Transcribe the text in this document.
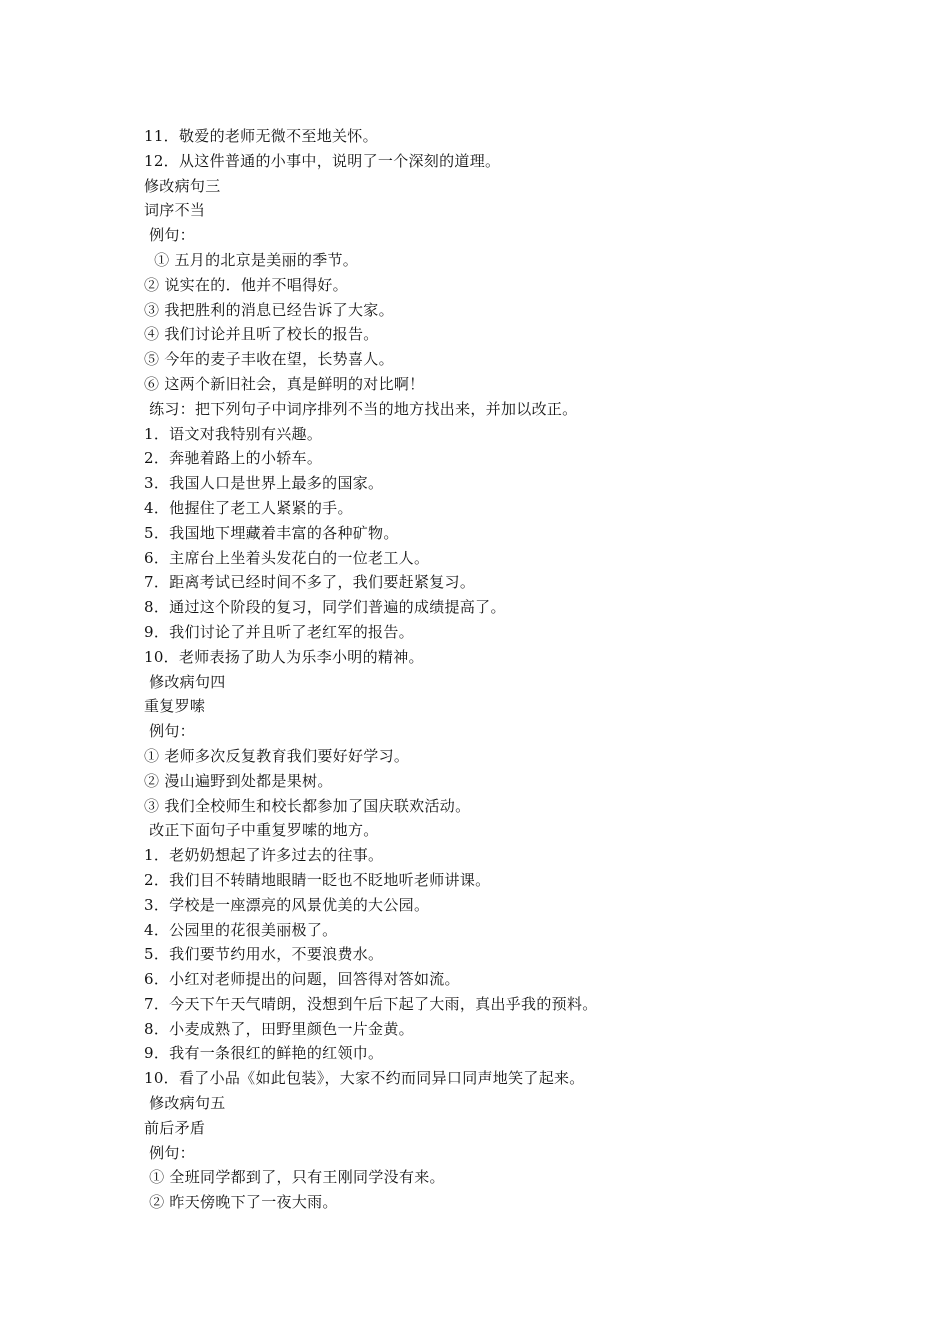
11．敬爱的老师无微不至地关怀。
12．从这件普通的小事中，说明了一个深刻的道理。
修改病句三
词序不当
例句：
① 五月的北京是美丽的季节。
② 说实在的．他并不唱得好。
③ 我把胜利的消息已经告诉了大家。
④ 我们讨论并且听了校长的报告。
⑤ 今年的麦子丰收在望，长势喜人。
⑥ 这两个新旧社会，真是鲜明的对比啊！
练习：把下列句子中词序排列不当的地方找出来，并加以改正。
1．语文对我特别有兴趣。
2．奔驰着路上的小轿车。
3．我国人口是世界上最多的国家。
4．他握住了老工人紧紧的手。
5．我国地下埋藏着丰富的各种矿物。
6．主席台上坐着头发花白的一位老工人。
7．距离考试已经时间不多了，我们要赶紧复习。
8．通过这个阶段的复习，同学们普遍的成绩提高了。
9．我们讨论了并且听了老红军的报告。
10．老师表扬了助人为乐李小明的精神。
修改病句四
重复罗嗦
例句：
① 老师多次反复教育我们要好好学习。
② 漫山遍野到处都是果树。
③ 我们全校师生和校长都参加了国庆联欢活动。
改正下面句子中重复罗嗦的地方。
1．老奶奶想起了许多过去的往事。
2．我们目不转睛地眼睛一眨也不眨地听老师讲课。
3．学校是一座漂亮的风景优美的大公园。
4．公园里的花很美丽极了。
5．我们要节约用水，不要浪费水。
6．小红对老师提出的问题，回答得对答如流。
7．今天下午天气晴朗，没想到午后下起了大雨，真出乎我的预料。
8．小麦成熟了，田野里颜色一片金黄。
9．我有一条很红的鲜艳的红领巾。
10．看了小品《如此包装》，大家不约而同异口同声地笑了起来。
修改病句五
前后矛盾
例句：
① 全班同学都到了，只有王刚同学没有来。
② 昨天傍晚下了一夜大雨。
